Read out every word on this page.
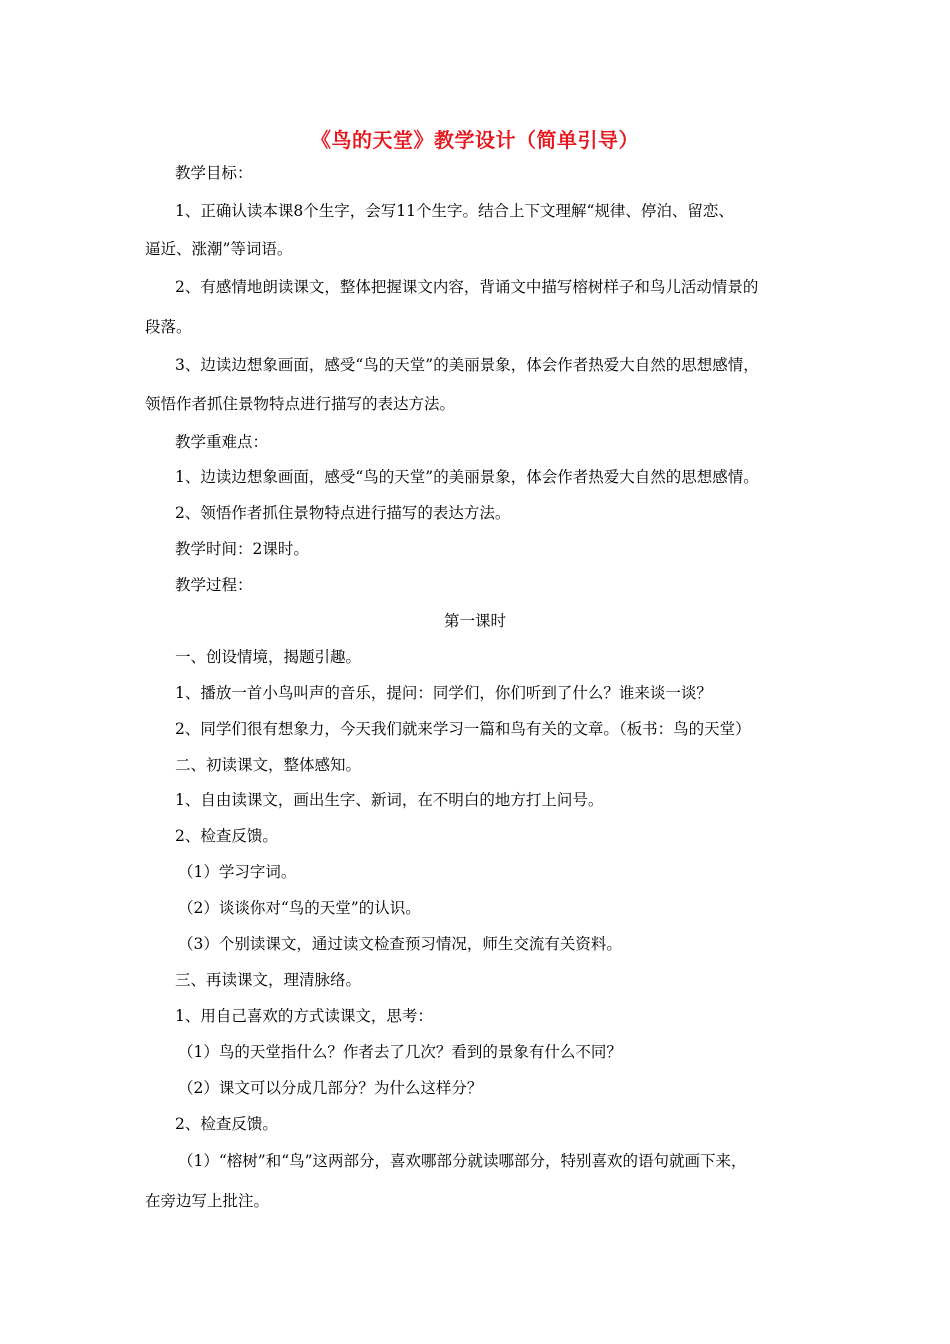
《鸟的天堂》教学设计（简单引导）
教学目标：
1、正确认读本课8个生字，会写11个生字。结合上下文理解“规律、停泊、留恋、
逼近、涨潮”等词语。
2、有感情地朗读课文，整体把握课文内容，背诵文中描写榕树样子和鸟儿活动情景的
段落。
3、边读边想象画面，感受“鸟的天堂”的美丽景象，体会作者热爱大自然的思想感情，
领悟作者抓住景物特点进行描写的表达方法。
教学重难点：
1、边读边想象画面，感受“鸟的天堂”的美丽景象，体会作者热爱大自然的思想感情。
2、领悟作者抓住景物特点进行描写的表达方法。
教学时间：2课时。
教学过程：
第一课时
一、创设情境，揭题引趣。
1、播放一首小鸟叫声的音乐，提问：同学们，你们听到了什么？谁来谈一谈？
2、同学们很有想象力，今天我们就来学习一篇和鸟有关的文章。（板书：鸟的天堂）
二、初读课文，整体感知。
1、自由读课文，画出生字、新词，在不明白的地方打上问号。
2、检查反馈。
（1）学习字词。
（2）谈谈你对“鸟的天堂”的认识。
（3）个别读课文，通过读文检查预习情况，师生交流有关资料。
三、再读课文，理清脉络。
1、用自己喜欢的方式读课文，思考：
（1）鸟的天堂指什么？作者去了几次？看到的景象有什么不同？
（2）课文可以分成几部分？为什么这样分？
2、检查反馈。
（1）“榕树”和“鸟”这两部分，喜欢哪部分就读哪部分，特别喜欢的语句就画下来，
在旁边写上批注。
